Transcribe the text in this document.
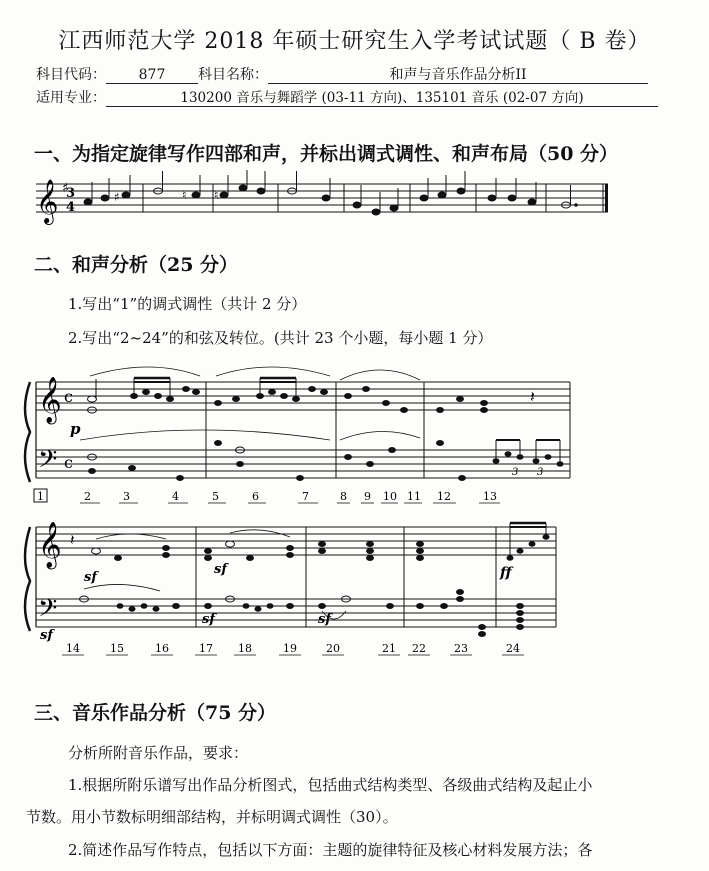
江西师范大学 2018 年硕士研究生入学考试试题（ B 卷）
科目代码： 877 科目名称：	和声与音乐作品分析II
适用专业：	130200 音乐与舞蹈学 (03-11 方向)、135101 音乐 (02-07 方向)
一、为指定旋律写作四部和声，并标出调式调性、和声布局（50 分）
𝄞 ♯
3
4
♯	♮ ♮
二、和声分析（25 分）
1.写出“1”的调式调性（共计 2 分）
2.写出“2~24”的和弦及转位。(共计 23 个小题，每小题 1 分）
𝄞
𝄢
c
c
p
3 3
𝄽
1	2	3	4	5	6	7	8 9 10 11 12	13
𝄞
𝄢
𝄽
sf
sf
sf
sf	sf
ff
14	15	16	17 18	19	20	21 22	23	24
三、音乐作品分析（75 分）
分析所附音乐作品，要求：
1.根据所附乐谱写出作品分析图式，包括曲式结构类型、各级曲式结构及起止小
节数。用小节数标明细部结构，并标明调式调性（30）。
2.简述作品写作特点，包括以下方面：主题的旋律特征及核心材料发展方法；各
